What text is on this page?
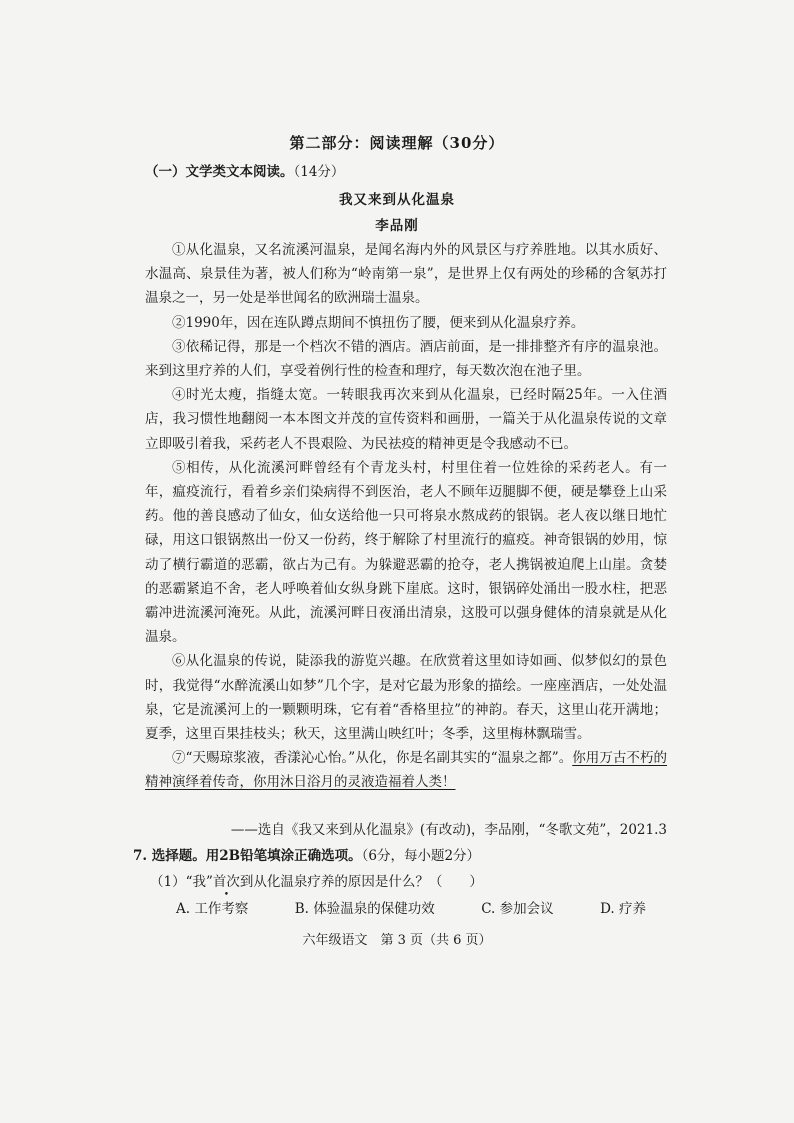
第二部分：阅读理解（30分）
（一）文学类文本阅读。（14分）
我又来到从化温泉
李品刚

①从化温泉，又名流溪河温泉，是闻名海内外的风景区与疗养胜地。以其水质好、水温高、泉景佳为著，被人们称为“岭南第一泉”，是世界上仅有两处的珍稀的含氡苏打温泉之一，另一处是举世闻名的欧洲瑞士温泉。

②1990年，因在连队蹲点期间不慎扭伤了腰，便来到从化温泉疗养。

③依稀记得，那是一个档次不错的酒店。酒店前面，是一排排整齐有序的温泉池。来到这里疗养的人们，享受着例行性的检查和理疗，每天数次泡在池子里。

④时光太瘦，指缝太宽。一转眼我再次来到从化温泉，已经时隔25年。一入住酒店，我习惯性地翻阅一本本图文并茂的宣传资料和画册，一篇关于从化温泉传说的文章立即吸引着我，采药老人不畏艰险、为民祛疫的精神更是令我感动不已。

⑤相传，从化流溪河畔曾经有个青龙头村，村里住着一位姓徐的采药老人。有一年，瘟疫流行，看着乡亲们染病得不到医治，老人不顾年迈腿脚不便，硬是攀登上山采药。他的善良感动了仙女，仙女送给他一只可将泉水熬成药的银锅。老人夜以继日地忙碌，用这口银锅熬出一份又一份药，终于解除了村里流行的瘟疫。神奇银锅的妙用，惊动了横行霸道的恶霸，欲占为己有。为躲避恶霸的抢夺，老人携锅被迫爬上山崖。贪婪的恶霸紧追不舍，老人呼唤着仙女纵身跳下崖底。这时，银锅碎处涌出一股水柱，把恶霸冲进流溪河淹死。从此，流溪河畔日夜涌出清泉，这股可以强身健体的清泉就是从化温泉。

⑥从化温泉的传说，陡添我的游览兴趣。在欣赏着这里如诗如画、似梦似幻的景色时，我觉得“水醉流溪山如梦”几个字，是对它最为形象的描绘。一座座酒店，一处处温泉，它是流溪河上的一颗颗明珠，它有着“香格里拉”的神韵。春天，这里山花开满地；夏季，这里百果挂枝头；秋天，这里满山映红叶；冬季，这里梅林飘瑞雪。

⑦“天赐琼浆液，香漾沁心怡。”从化，你是名副其实的“温泉之都”。你用万古不朽的精神演绎着传奇，你用沐日浴月的灵液造福着人类！

——选自《我又来到从化温泉》(有改动)，李品刚，“冬歌文苑”，2021.3
7. 选择题。用2B铅笔填涂正确选项。（6分，每小题2分）
（1）“我”首次到从化温泉疗养的原因是什么？（　　）
A. 工作考察	B. 体验温泉的保健功效	C. 参加会议	D. 疗养
六年级语文　第 3 页（共 6 页）
